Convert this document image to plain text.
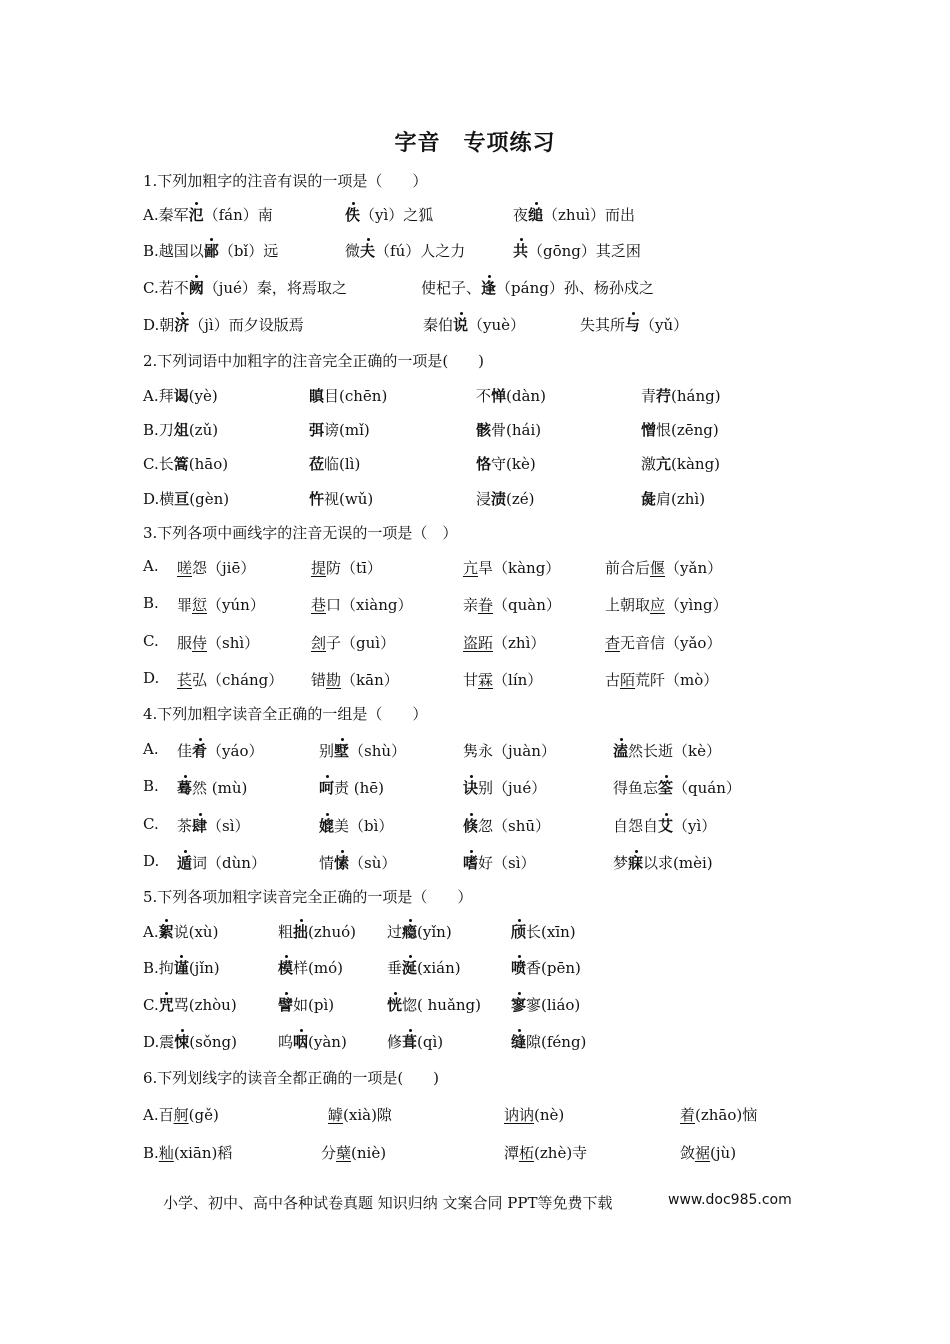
字音　专项练习
1.下列加粗字的注音有误的一项是（　　）
A.秦军氾（fán）南	佚（yì）之狐	夜缒（zhuì）而出
B.越国以鄙（bǐ）远	微夫（fú）人之力	共（gōng）其乏困
C.若不阙（jué）秦，将焉取之	使杞子、逢（páng）孙、杨孙戍之
D.朝济（jì）而夕设版焉	秦伯说（yuè）	失其所与（yǔ）
2.下列词语中加粗字的注音完全正确的一项是(　　)
A.拜谒(yè)	瞋目(chēn)	不惮(dàn)	青荇(háng)
B.刀俎(zǔ)	弭谤(mǐ)	骸骨(hái)	憎恨(zēng)
C.长篙(hāo)	莅临(lì)	恪守(kè)	激亢(kàng)
D.横亘(gèn)	忤视(wǔ)	浸渍(zé)	彘肩(zhì)
3.下列各项中画线字的注音无误的一项是（　）
A. 嗟怨（jiē）	提防（tī）	亢旱（kàng）	前合后偃（yǎn）
B. 罪愆（yún）	巷口（xiàng）	亲眷（quàn）	上朝取应（yìng）
C. 服侍（shì）	刽子（guì）	盗跖（zhì）	杳无音信（yǎo）
D. 苌弘（cháng） 错勘（kān）	甘霖（lín）	古陌荒阡（mò）
4.下列加粗字读音全正确的一组是（　　）
A. 佳肴（yáo）	别墅（shù）	隽永（juàn）	溘然长逝（kè）
B. 蓦然 (mù)	呵责 (hē)	诀别（jué）	得鱼忘筌（quán）
C. 茶肆（sì）	媲美（bì）	倏忽（shū）	自怨自艾（yì）
D. 遁词（dùn）	情愫（sù）	嗜好（sì）	梦寐以求(mèi)
5.下列各项加粗字读音完全正确的一项是（　　）
A.絮说(xù)	粗拙(zhuó) 过瘾(yǐn)	颀长(xīn)
B.拘谨(jǐn)	模样(mó)	垂涎(xián)	喷香(pēn)
C.咒骂(zhòu)	譬如(pì)	恍惚( huǎng) 寥寥(liáo)
D.震悚(sǒng)	呜咽(yàn)	修葺(qì)	缝隙(féng)
6.下列划线字的读音全都正确的一项是(　　)
A.百舸(gě)	罅(xià)隙	讷讷(nè)	着(zhāo)恼
B.籼(xiān)稻	分蘖(niè)	潭柘(zhè)寺	敛裾(jù)
小学、初中、高中各种试卷真题 知识归纳 文案合同 PPT等免费下载	www.doc985.com
